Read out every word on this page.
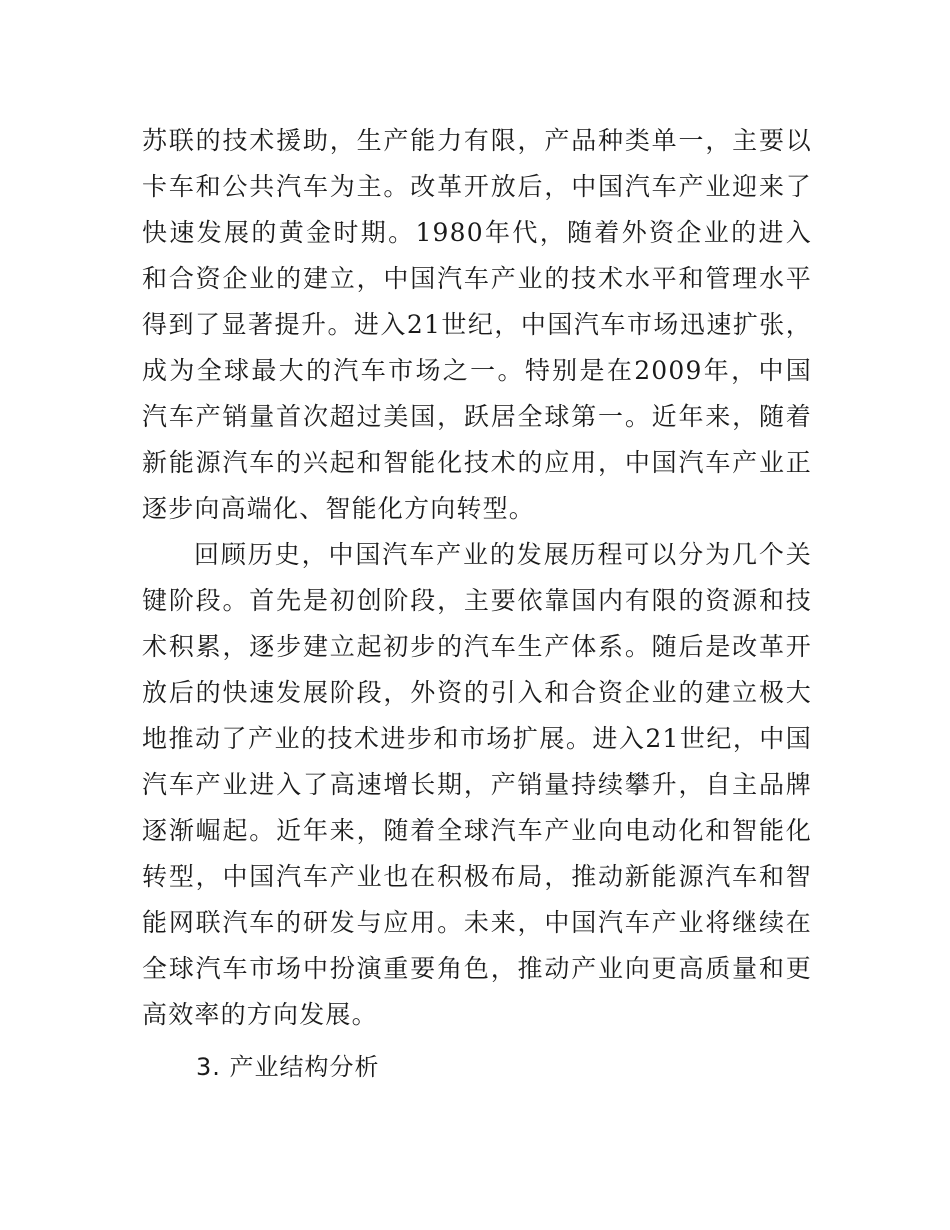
苏联的技术援助，生产能力有限，产品种类单一，主要以卡车和公共汽车为主。改革开放后，中国汽车产业迎来了快速发展的黄金时期。1980年代，随着外资企业的进入和合资企业的建立，中国汽车产业的技术水平和管理水平得到了显著提升。进入21世纪，中国汽车市场迅速扩张，成为全球最大的汽车市场之一。特别是在2009年，中国汽车产销量首次超过美国，跃居全球第一。近年来，随着新能源汽车的兴起和智能化技术的应用，中国汽车产业正逐步向高端化、智能化方向转型。

回顾历史，中国汽车产业的发展历程可以分为几个关键阶段。首先是初创阶段，主要依靠国内有限的资源和技术积累，逐步建立起初步的汽车生产体系。随后是改革开放后的快速发展阶段，外资的引入和合资企业的建立极大地推动了产业的技术进步和市场扩展。进入21世纪，中国汽车产业进入了高速增长期，产销量持续攀升，自主品牌逐渐崛起。近年来，随着全球汽车产业向电动化和智能化转型，中国汽车产业也在积极布局，推动新能源汽车和智能网联汽车的研发与应用。未来，中国汽车产业将继续在全球汽车市场中扮演重要角色，推动产业向更高质量和更高效率的方向发展。

3. 产业结构分析
